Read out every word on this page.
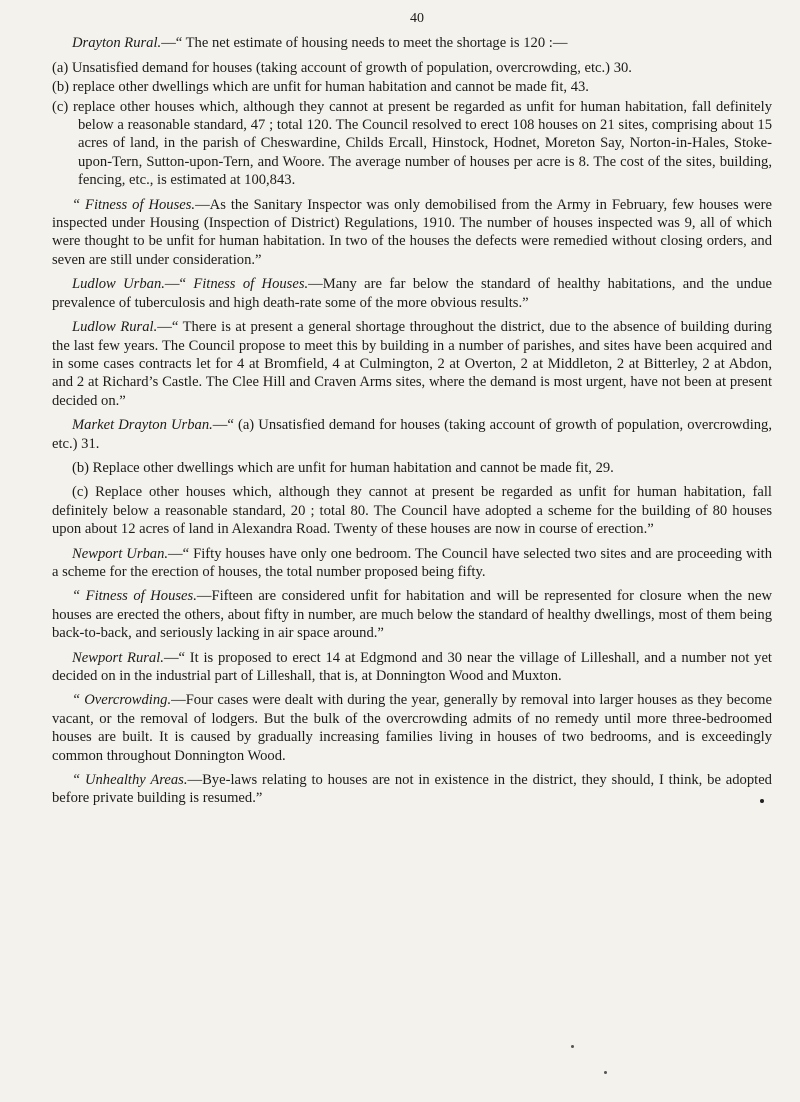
40

Drayton Rural.—“ The net estimate of housing needs to meet the shortage is 120 :—

(a) Unsatisfied demand for houses (taking account of growth of population, overcrowding, etc.) 30.

(b) replace other dwellings which are unfit for human habitation and cannot be made fit, 43.

(c) replace other houses which, although they cannot at present be regarded as unfit for human habitation, fall definitely below a reasonable standard, 47 ; total 120. The Council resolved to erect 108 houses on 21 sites, comprising about 15 acres of land, in the parish of Cheswardine, Childs Ercall, Hinstock, Hodnet, Moreton Say, Norton-in-Hales, Stoke-upon-Tern, Sutton-upon-Tern, and Woore. The average number of houses per acre is 8. The cost of the sites, building, fencing, etc., is estimated at 100,843.

“ Fitness of Houses.—As the Sanitary Inspector was only demobilised from the Army in February, few houses were inspected under Housing (Inspection of District) Regulations, 1910. The number of houses inspected was 9, all of which were thought to be unfit for human habitation. In two of the houses the defects were remedied without closing orders, and seven are still under consideration.”

Ludlow Urban.—“ Fitness of Houses.—Many are far below the standard of healthy habitations, and the undue prevalence of tuberculosis and high death-rate some of the more obvious results.”

Ludlow Rural.—“ There is at present a general shortage throughout the district, due to the absence of building during the last few years. The Council propose to meet this by building in a number of parishes, and sites have been acquired and in some cases contracts let for 4 at Bromfield, 4 at Culmington, 2 at Overton, 2 at Middleton, 2 at Bitterley, 2 at Abdon, and 2 at Richard’s Castle. The Clee Hill and Craven Arms sites, where the demand is most urgent, have not been at present decided on.”

Market Drayton Urban.—“ (a) Unsatisfied demand for houses (taking account of growth of population, overcrowding, etc.) 31.

(b) Replace other dwellings which are unfit for human habitation and cannot be made fit, 29.

(c) Replace other houses which, although they cannot at present be regarded as unfit for human habitation, fall definitely below a reasonable standard, 20 ; total 80. The Council have adopted a scheme for the building of 80 houses upon about 12 acres of land in Alexandra Road. Twenty of these houses are now in course of erection.”

Newport Urban.—“ Fifty houses have only one bedroom. The Council have selected two sites and are proceeding with a scheme for the erection of houses, the total number proposed being fifty.

“ Fitness of Houses.—Fifteen are considered unfit for habitation and will be represented for closure when the new houses are erected the others, about fifty in number, are much below the standard of healthy dwellings, most of them being back-to-back, and seriously lacking in air space around.”

Newport Rural.—“ It is proposed to erect 14 at Edgmond and 30 near the village of Lilleshall, and a number not yet decided on in the industrial part of Lilleshall, that is, at Donnington Wood and Muxton.

“ Overcrowding.—Four cases were dealt with during the year, generally by removal into larger houses as they become vacant, or the removal of lodgers. But the bulk of the overcrowding admits of no remedy until more three-bedroomed houses are built. It is caused by gradually increasing families living in houses of two bedrooms, and is exceedingly common throughout Donnington Wood.

“ Unhealthy Areas.—Bye-laws relating to houses are not in existence in the district, they should, I think, be adopted before private building is resumed.”
